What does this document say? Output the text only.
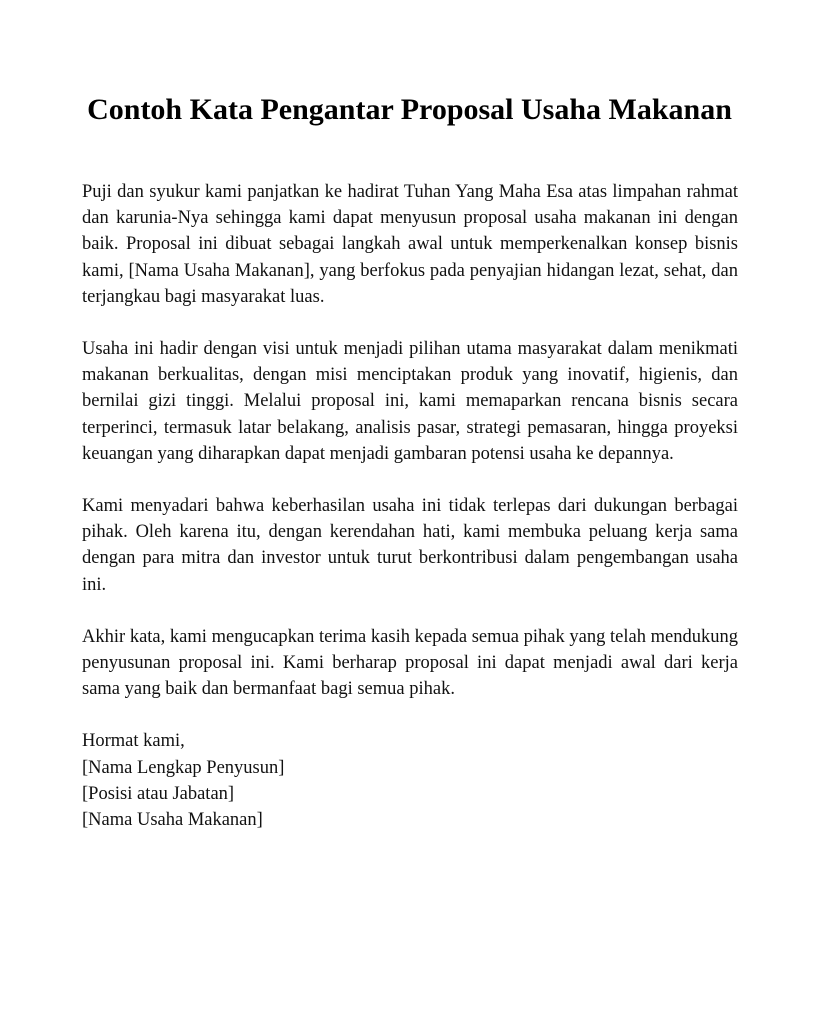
Contoh Kata Pengantar Proposal Usaha Makanan

Puji dan syukur kami panjatkan ke hadirat Tuhan Yang Maha Esa atas limpahan rahmat dan karunia-Nya sehingga kami dapat menyusun proposal usaha makanan ini dengan baik. Proposal ini dibuat sebagai langkah awal untuk memperkenalkan konsep bisnis kami, [Nama Usaha Makanan], yang berfokus pada penyajian hidangan lezat, sehat, dan terjangkau bagi masyarakat luas.

Usaha ini hadir dengan visi untuk menjadi pilihan utama masyarakat dalam menikmati makanan berkualitas, dengan misi menciptakan produk yang inovatif, higienis, dan bernilai gizi tinggi. Melalui proposal ini, kami memaparkan rencana bisnis secara terperinci, termasuk latar belakang, analisis pasar, strategi pemasaran, hingga proyeksi keuangan yang diharapkan dapat menjadi gambaran potensi usaha ke depannya.

Kami menyadari bahwa keberhasilan usaha ini tidak terlepas dari dukungan berbagai pihak. Oleh karena itu, dengan kerendahan hati, kami membuka peluang kerja sama dengan para mitra dan investor untuk turut berkontribusi dalam pengembangan usaha ini.

Akhir kata, kami mengucapkan terima kasih kepada semua pihak yang telah mendukung penyusunan proposal ini. Kami berharap proposal ini dapat menjadi awal dari kerja sama yang baik dan bermanfaat bagi semua pihak.

Hormat kami,
[Nama Lengkap Penyusun]
[Posisi atau Jabatan]
[Nama Usaha Makanan]
